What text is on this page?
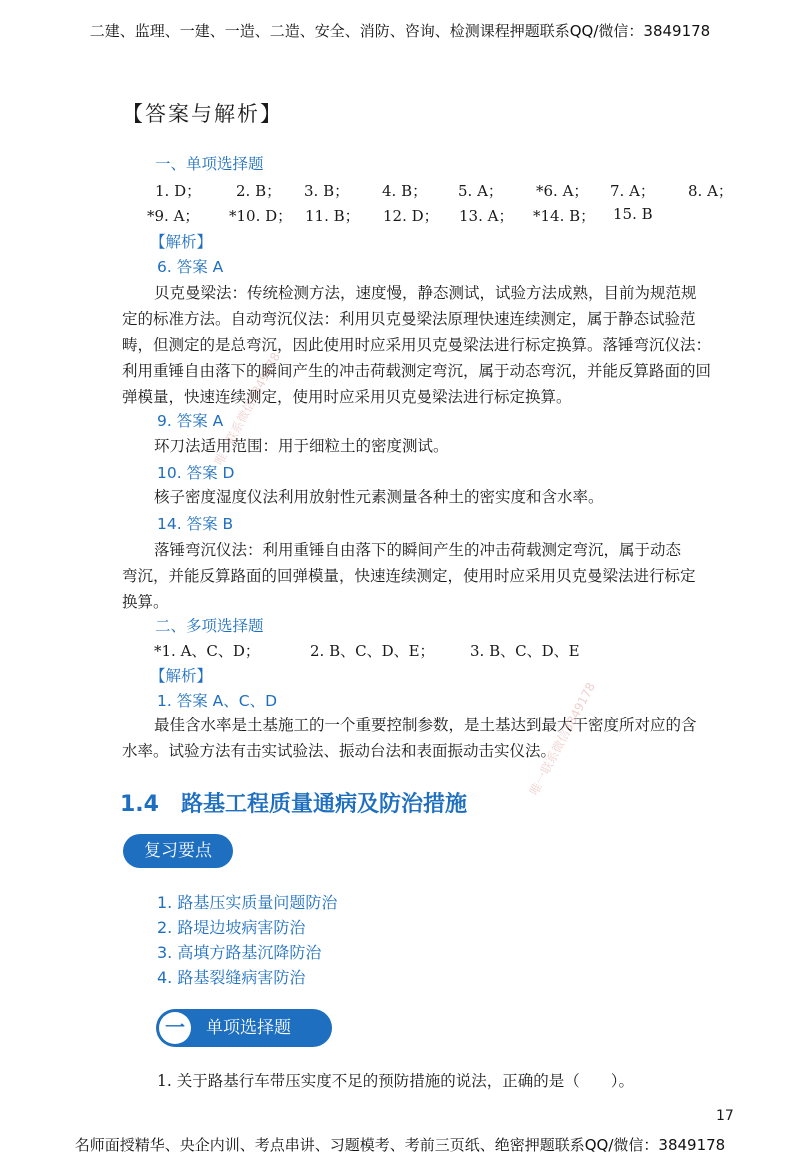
二建、监理、一建、一造、二造、安全、消防、咨询、检测课程押题联系QQ/微信：3849178
【答案与解析】
一、单项选择题
1. D； 2. B； 3. B； 4. B； 5. A； *6. A； 7. A； 8. A；
*9. A； *10. D； 11. B； 12. D； 13. A； *14. B； 15. B
【解析】
6. 答案 A
贝克曼梁法：传统检测方法，速度慢，静态测试，试验方法成熟，目前为规范规
定的标准方法。自动弯沉仪法：利用贝克曼梁法原理快速连续测定，属于静态试验范
畴，但测定的是总弯沉，因此使用时应采用贝克曼梁法进行标定换算。落锤弯沉仪法：
利用重锤自由落下的瞬间产生的冲击荷载测定弯沉，属于动态弯沉，并能反算路面的回
弹模量，快速连续测定，使用时应采用贝克曼梁法进行标定换算。
9. 答案 A
环刀法适用范围：用于细粒土的密度测试。
10. 答案 D
核子密度湿度仪法利用放射性元素测量各种土的密实度和含水率。
14. 答案 B
落锤弯沉仪法：利用重锤自由落下的瞬间产生的冲击荷载测定弯沉，属于动态
弯沉，并能反算路面的回弹模量，快速连续测定，使用时应采用贝克曼梁法进行标定
换算。
二、多项选择题
*1. A、C、D；	2. B、C、D、E； 3. B、C、D、E
【解析】
1. 答案 A、C、D
最佳含水率是土基施工的一个重要控制参数，是土基达到最大干密度所对应的含
水率。试验方法有击实试验法、振动台法和表面振动击实仪法。
1.4 路基工程质量通病及防治措施
复习要点
1. 路基压实质量问题防治
2. 路堤边坡病害防治
3. 高填方路基沉降防治
4. 路基裂缝病害防治
一	单项选择题
1. 关于路基行车带压实度不足的预防措施的说法，正确的是（　　）。
17
名师面授精华、央企内训、考点串讲、习题模考、考前三页纸、绝密押题联系QQ/微信：3849178
唯一联系微信3849178
唯一联系微信3849178
